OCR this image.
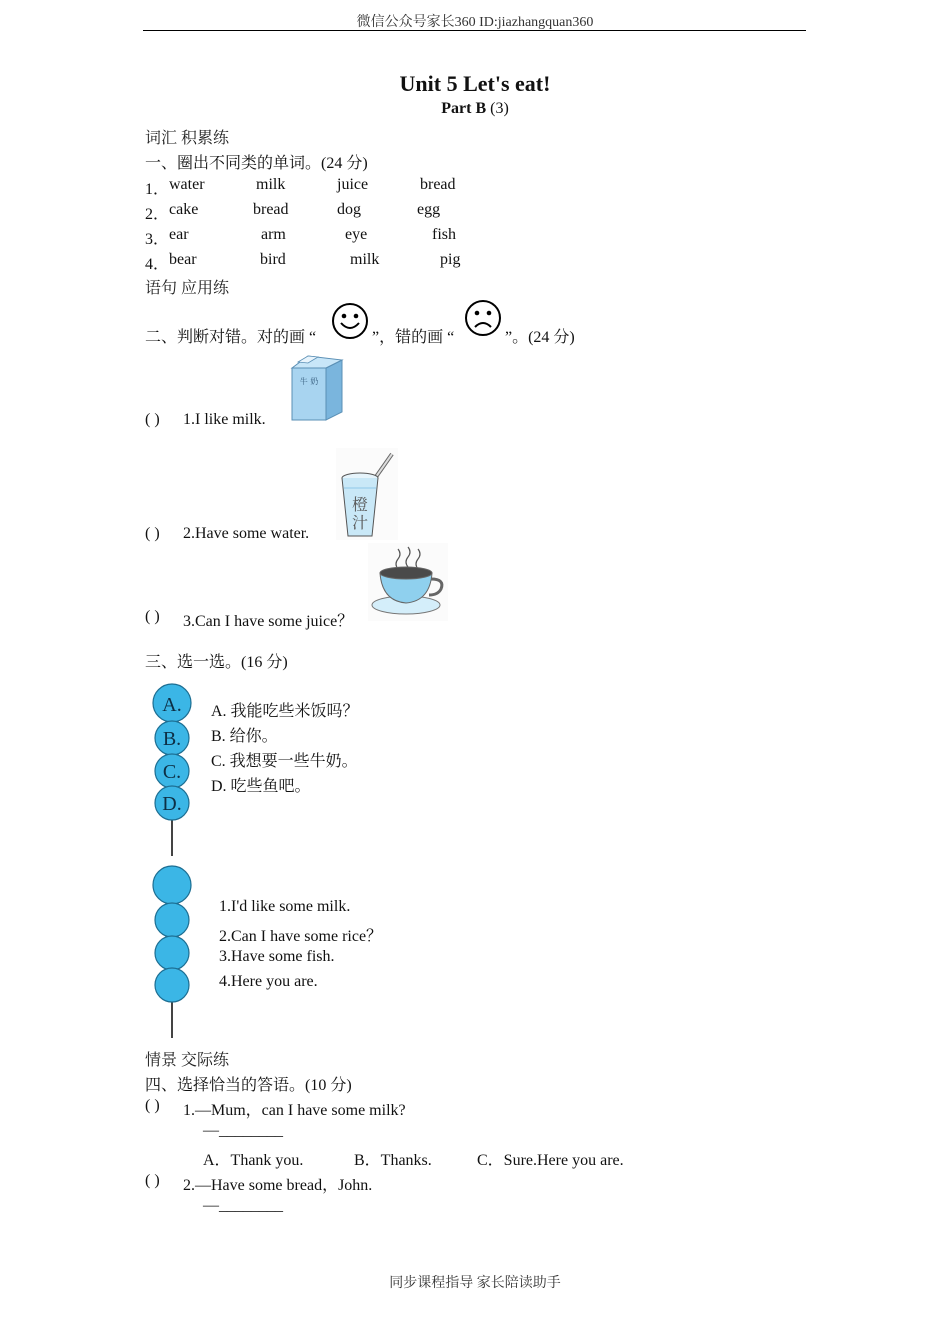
微信公众号家长360 ID:jiazhangquan360
Unit 5 Let's eat!
Part B (3)
词汇 积累练
一、圈出不同类的单词。(24 分)
1． water	milk	juice	bread
2． cake	bread	dog	egg
3． ear	arm	eye	fish
4． bear	bird	milk	pig
语句 应用练
二、判断对错。对的画 “	”，错的画 “	”。(24 分)
牛 奶
( ) 1.I like milk.
橙
汁
( ) 2.Have some water.
( ) 3.Can I have some juice？
三、选一选。(16 分)
A.
B.
C.
D.
A. 我能吃些米饭吗？
B. 给你。
C. 我想要一些牛奶。
D. 吃些鱼吧。
1.I'd like some milk.
2.Can I have some rice？
3.Have some fish.
4.Here you are.
情景 交际练
四、选择恰当的答语。(10 分)
( ) 1.—Mum，can I have some milk?
—________
A．Thank you.	B．Thanks.	C．Sure.Here you are.
( ) 2.—Have some bread，John.
—________
同步课程指导 家长陪读助手
